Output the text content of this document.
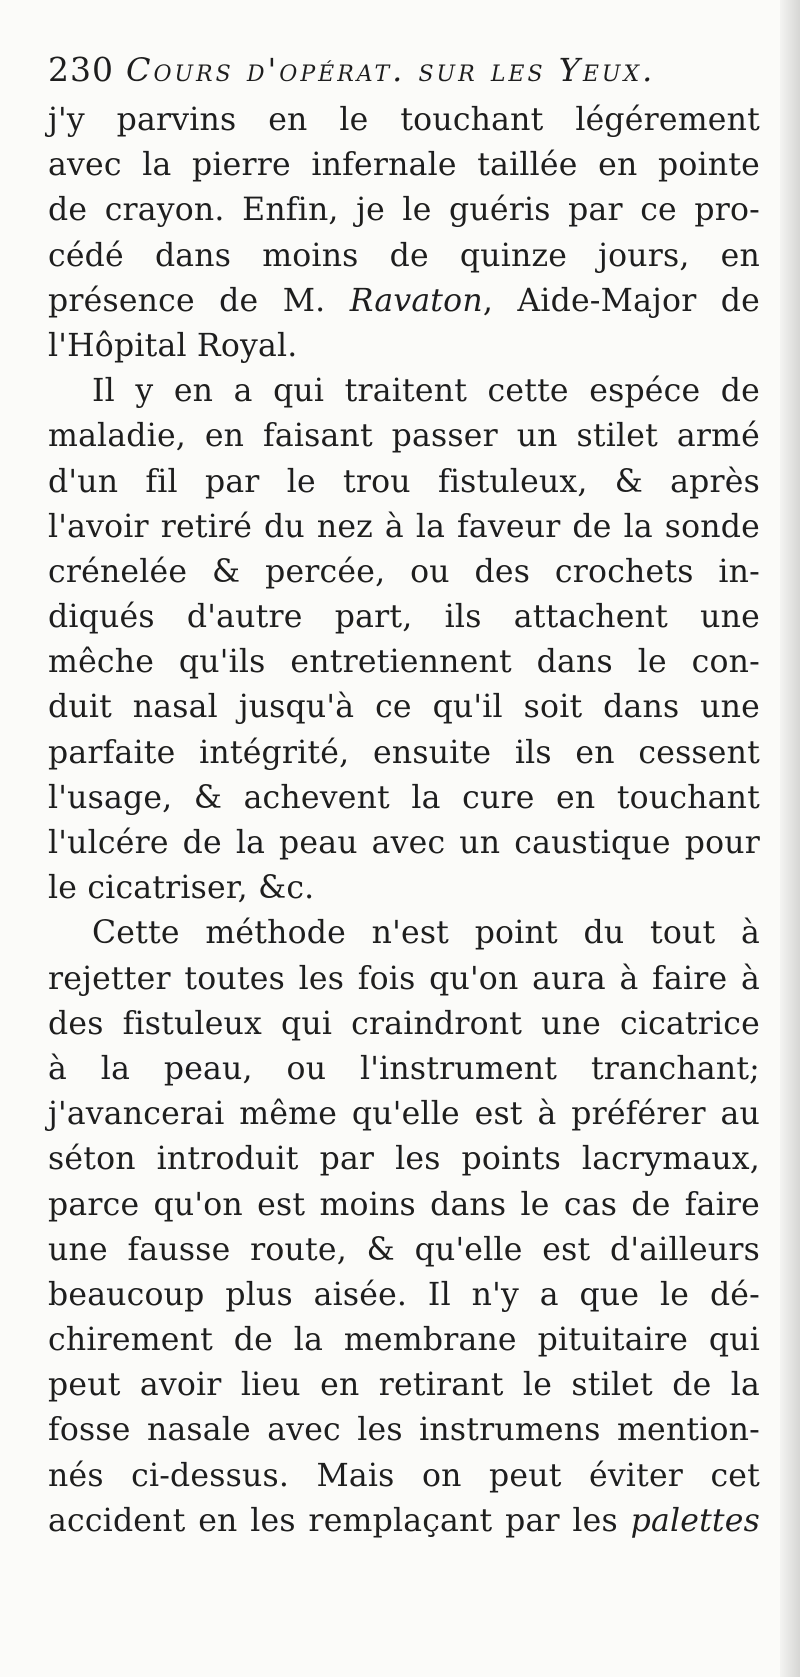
230 Cours d'opérat. sur les Yeux.
j'y parvins en le touchant légérement
avec la pierre infernale taillée en pointe
de crayon. Enfin, je le guéris par ce pro-
cédé dans moins de quinze jours, en
présence de M. Ravaton, Aide-Major de
l'Hôpital Royal.
Il y en a qui traitent cette espéce de
maladie, en faisant passer un stilet armé
d'un fil par le trou fistuleux, & après
l'avoir retiré du nez à la faveur de la sonde
crénelée & percée, ou des crochets in-
diqués d'autre part, ils attachent une
mêche qu'ils entretiennent dans le con-
duit nasal jusqu'à ce qu'il soit dans une
parfaite intégrité, ensuite ils en cessent
l'usage, & achevent la cure en touchant
l'ulcére de la peau avec un caustique pour
le cicatriser, &c.
Cette méthode n'est point du tout à
rejetter toutes les fois qu'on aura à faire à
des fistuleux qui craindront une cicatrice
à la peau, ou l'instrument tranchant;
j'avancerai même qu'elle est à préférer au
séton introduit par les points lacrymaux,
parce qu'on est moins dans le cas de faire
une fausse route, & qu'elle est d'ailleurs
beaucoup plus aisée. Il n'y a que le dé-
chirement de la membrane pituitaire qui
peut avoir lieu en retirant le stilet de la
fosse nasale avec les instrumens mention-
nés ci-dessus. Mais on peut éviter cet
accident en les remplaçant par les palettes
